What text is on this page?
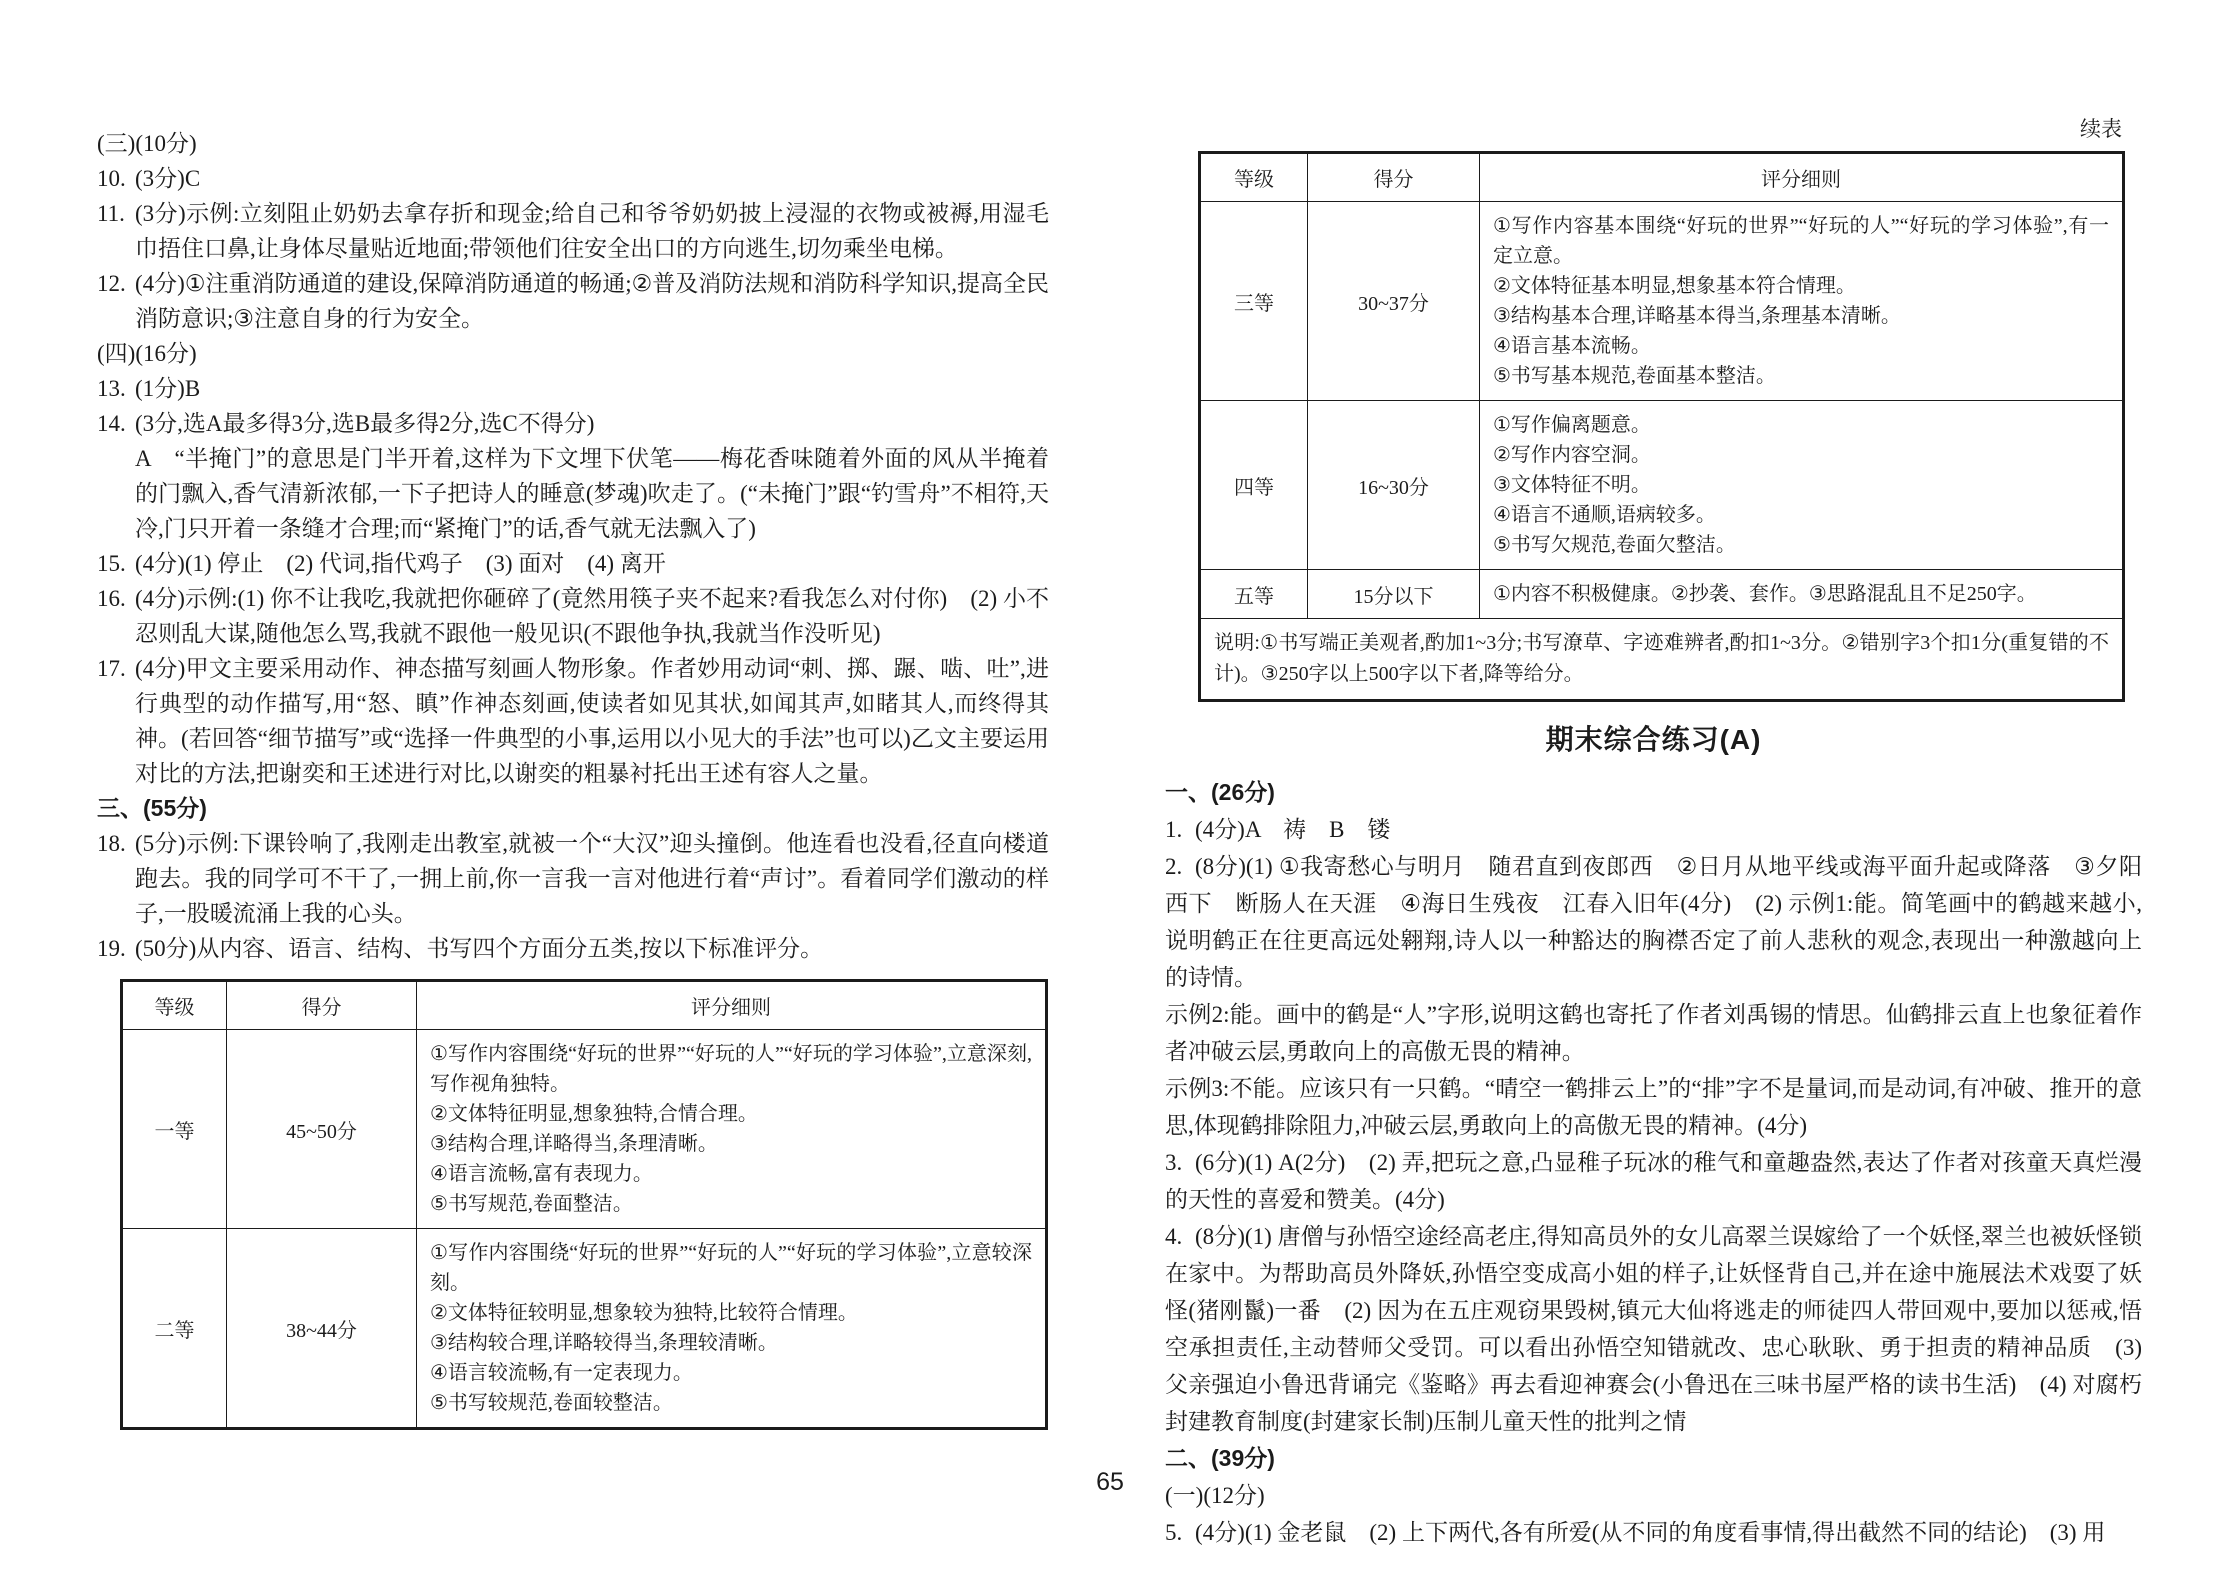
(三)(10分)

10. (3分)C

11. (3分)示例:立刻阻止奶奶去拿存折和现金;给自己和爷爷奶奶披上浸湿的衣物或被褥,用湿毛巾捂住口鼻,让身体尽量贴近地面;带领他们往安全出口的方向逃生,切勿乘坐电梯。

12. (4分)①注重消防通道的建设,保障消防通道的畅通;②普及消防法规和消防科学知识,提高全民消防意识;③注意自身的行为安全。

(四)(16分)

13. (1分)B

14. (3分,选A最多得3分,选B最多得2分,选C不得分)

A　“半掩门”的意思是门半开着,这样为下文埋下伏笔——梅花香味随着外面的风从半掩着的门飘入,香气清新浓郁,一下子把诗人的睡意(梦魂)吹走了。(“未掩门”跟“钓雪舟”不相符,天冷,门只开着一条缝才合理;而“紧掩门”的话,香气就无法飘入了)

15. (4分)(1) 停止　(2) 代词,指代鸡子　(3) 面对　(4) 离开

16. (4分)示例:(1) 你不让我吃,我就把你砸碎了(竟然用筷子夹不起来?看我怎么对付你)　(2) 小不忍则乱大谋,随他怎么骂,我就不跟他一般见识(不跟他争执,我就当作没听见)

17. (4分)甲文主要采用动作、神态描写刻画人物形象。作者妙用动词“刺、掷、蹍、啮、吐”,进行典型的动作描写,用“怒、瞋”作神态刻画,使读者如见其状,如闻其声,如睹其人,而终得其神。(若回答“细节描写”或“选择一件典型的小事,运用以小见大的手法”也可以)乙文主要运用对比的方法,把谢奕和王述进行对比,以谢奕的粗暴衬托出王述有容人之量。

三、(55分)

18. (5分)示例:下课铃响了,我刚走出教室,就被一个“大汉”迎头撞倒。他连看也没看,径直向楼道跑去。我的同学可不干了,一拥上前,你一言我一言对他进行着“声讨”。看着同学们激动的样子,一股暖流涌上我的心头。

19. (50分)从内容、语言、结构、书写四个方面分五类,按以下标准评分。

等级	得分	评分细则
一等	45~50分	①写作内容围绕“好玩的世界”“好玩的人”“好玩的学习体验”,立意深刻,写作视角独特。
②文体特征明显,想象独特,合情合理。
③结构合理,详略得当,条理清晰。
④语言流畅,富有表现力。
⑤书写规范,卷面整洁。

二等	38~44分	①写作内容围绕“好玩的世界”“好玩的人”“好玩的学习体验”,立意较深刻。
②文体特征较明显,想象较为独特,比较符合情理。
③结构较合理,详略较得当,条理较清晰。
④语言较流畅,有一定表现力。
⑤书写较规范,卷面较整洁。
续表
等级	得分	评分细则
三等	30~37分	①写作内容基本围绕“好玩的世界”“好玩的人”“好玩的学习体验”,有一定立意。
②文体特征基本明显,想象基本符合情理。
③结构基本合理,详略基本得当,条理基本清晰。
④语言基本流畅。
⑤书写基本规范,卷面基本整洁。

四等	16~30分	①写作偏离题意。
②写作内容空洞。
③文体特征不明。
④语言不通顺,语病较多。
⑤书写欠规范,卷面欠整洁。

五等	15分以下	①内容不积极健康。②抄袭、套作。③思路混乱且不足250字。

说明:①书写端正美观者,酌加1~3分;书写潦草、字迹难辨者,酌扣1~3分。②错别字3个扣1分(重复错的不计)。③250字以上500字以下者,降等给分。		
期末综合练习(A)

一、(26分)

1. (4分)A　祷　B　镂

2. (8分)(1) ①我寄愁心与明月　随君直到夜郎西　②日月从地平线或海平面升起或降落　③夕阳西下　断肠人在天涯　④海日生残夜　江春入旧年(4分)　(2) 示例1:能。简笔画中的鹤越来越小,说明鹤正在往更高远处翱翔,诗人以一种豁达的胸襟否定了前人悲秋的观念,表现出一种激越向上的诗情。

示例2:能。画中的鹤是“人”字形,说明这鹤也寄托了作者刘禹锡的情思。仙鹤排云直上也象征着作者冲破云层,勇敢向上的高傲无畏的精神。

示例3:不能。应该只有一只鹤。“晴空一鹤排云上”的“排”字不是量词,而是动词,有冲破、推开的意思,体现鹤排除阻力,冲破云层,勇敢向上的高傲无畏的精神。(4分)

3. (6分)(1) A(2分)　(2) 弄,把玩之意,凸显稚子玩冰的稚气和童趣盎然,表达了作者对孩童天真烂漫的天性的喜爱和赞美。(4分)

4. (8分)(1) 唐僧与孙悟空途经高老庄,得知高员外的女儿高翠兰误嫁给了一个妖怪,翠兰也被妖怪锁在家中。为帮助高员外降妖,孙悟空变成高小姐的样子,让妖怪背自己,并在途中施展法术戏耍了妖怪(猪刚鬣)一番　(2) 因为在五庄观窃果毁树,镇元大仙将逃走的师徒四人带回观中,要加以惩戒,悟空承担责任,主动替师父受罚。可以看出孙悟空知错就改、忠心耿耿、勇于担责的精神品质　(3) 父亲强迫小鲁迅背诵完《鉴略》再去看迎神赛会(小鲁迅在三味书屋严格的读书生活)　(4) 对腐朽封建教育制度(封建家长制)压制儿童天性的批判之情

二、(39分)

(一)(12分)

5. (4分)(1) 金老鼠　(2) 上下两代,各有所爱(从不同的角度看事情,得出截然不同的结论)　(3) 用

65
